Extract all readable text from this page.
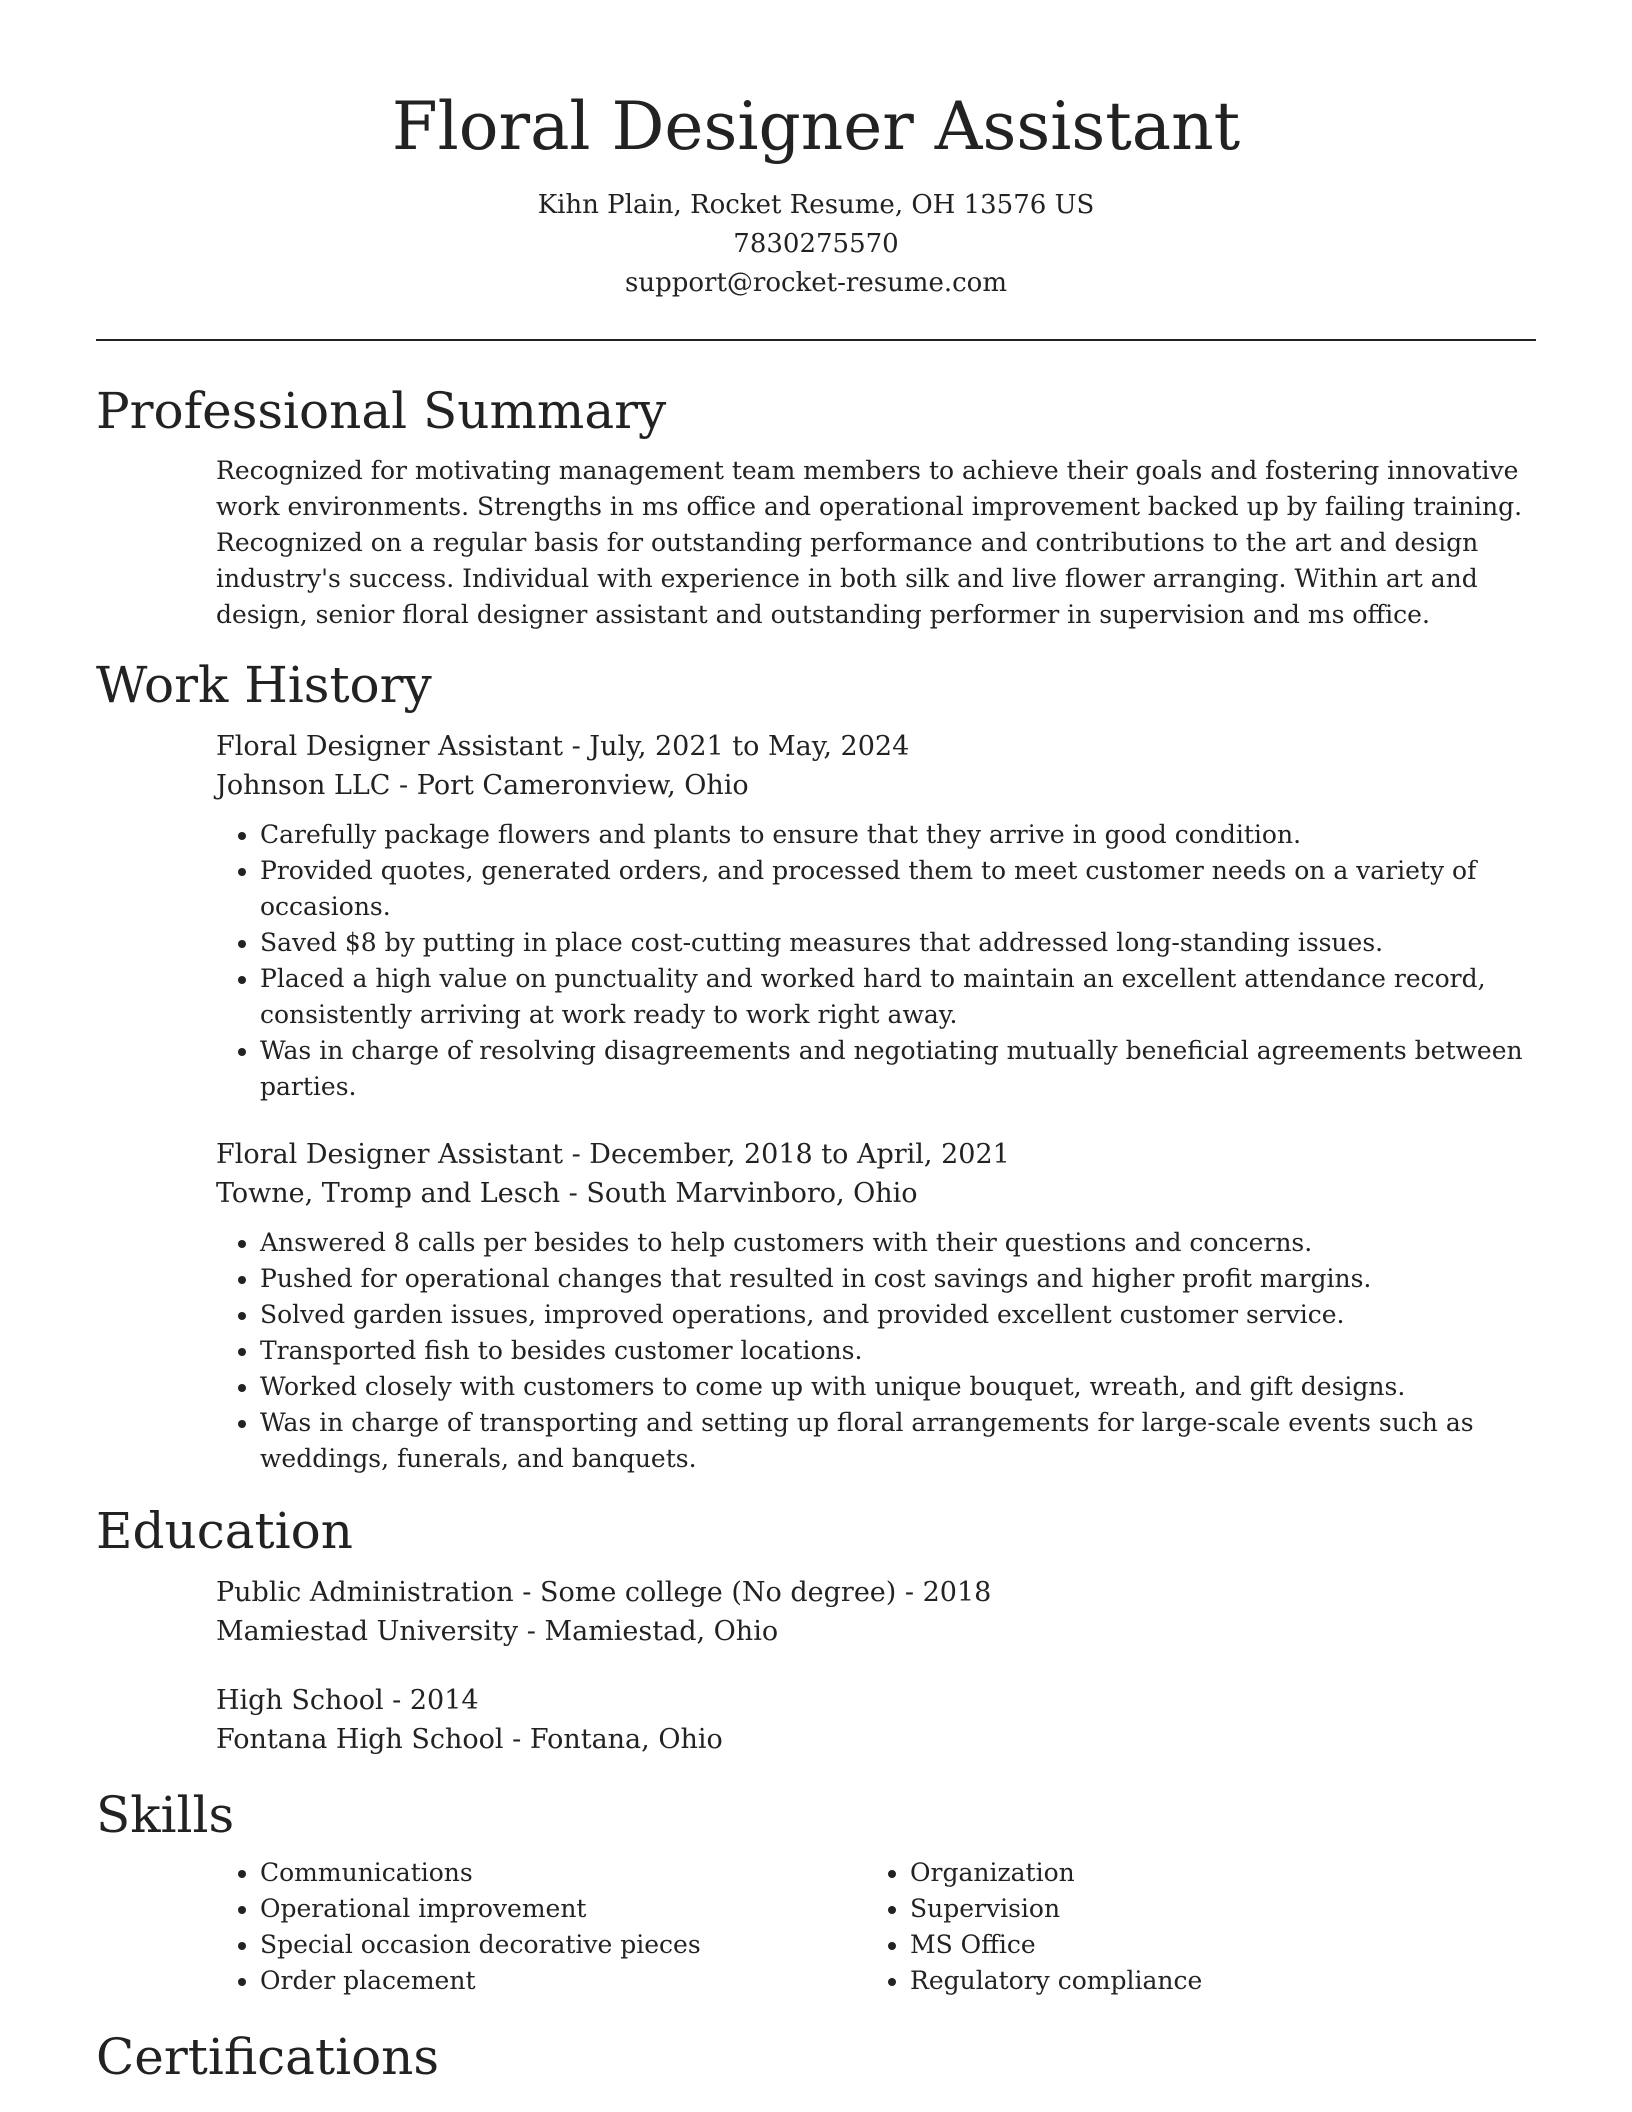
Floral Designer Assistant
Kihn Plain, Rocket Resume, OH 13576 US
7830275570
support@rocket-resume.com
Professional Summary

Recognized for motivating management team members to achieve their goals and fostering innovative work environments. Strengths in ms office and operational improvement backed up by failing training. Recognized on a regular basis for outstanding performance and contributions to the art and design industry's success. Individual with experience in both silk and live flower arranging. Within art and design, senior floral designer assistant and outstanding performer in supervision and ms office.

Work History

Floral Designer Assistant - July, 2021 to May, 2024

Johnson LLC - Port Cameronview, Ohio

• Carefully package flowers and plants to ensure that they arrive in good condition.
• Provided quotes, generated orders, and processed them to meet customer needs on a variety of occasions.
• Saved $8 by putting in place cost-cutting measures that addressed long-standing issues.
• Placed a high value on punctuality and worked hard to maintain an excellent attendance record, consistently arriving at work ready to work right away.
• Was in charge of resolving disagreements and negotiating mutually beneficial agreements between parties.

Floral Designer Assistant - December, 2018 to April, 2021

Towne, Tromp and Lesch - South Marvinboro, Ohio

• Answered 8 calls per besides to help customers with their questions and concerns.
• Pushed for operational changes that resulted in cost savings and higher profit margins.
• Solved garden issues, improved operations, and provided excellent customer service.
• Transported fish to besides customer locations.
• Worked closely with customers to come up with unique bouquet, wreath, and gift designs.
• Was in charge of transporting and setting up floral arrangements for large-scale events such as weddings, funerals, and banquets.
Education

Public Administration - Some college (No degree) - 2018

Mamiestad University - Mamiestad, Ohio

High School - 2014

Fontana High School - Fontana, Ohio

Skills
• Communications
• Operational improvement
• Special occasion decorative pieces
• Order placement
• Organization
• Supervision
• MS Office
• Regulatory compliance
Certifications
